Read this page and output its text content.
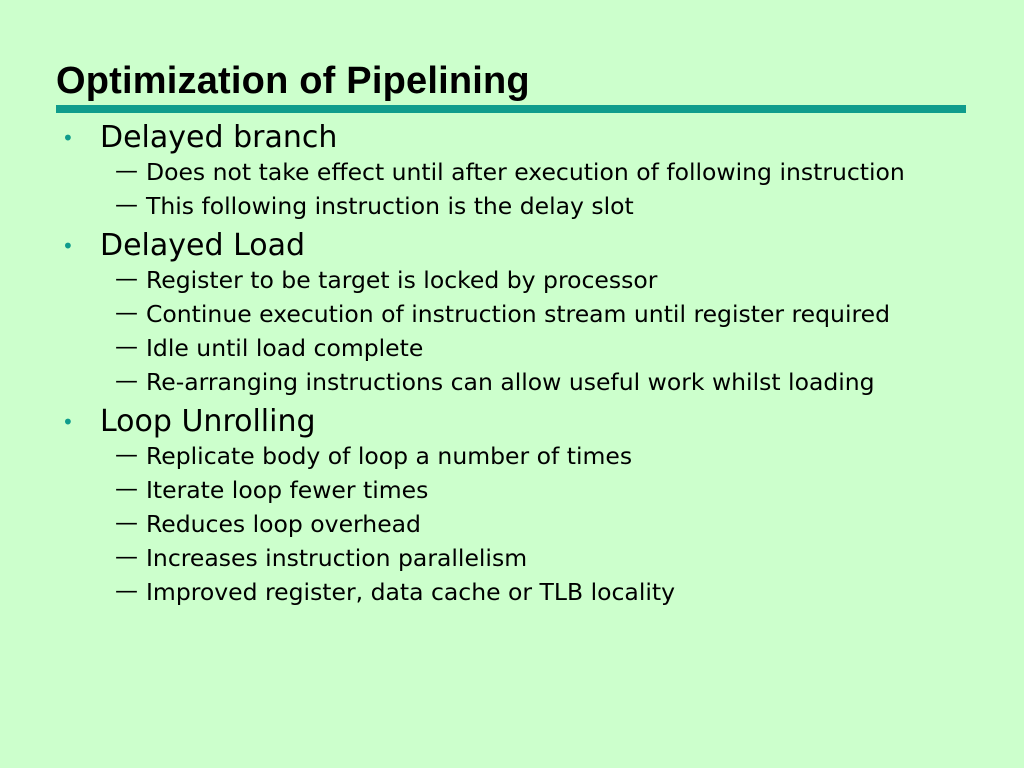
Optimization of Pipelining
• Delayed branch
— Does not take effect until after execution of following instruction
— This following instruction is the delay slot
• Delayed Load
— Register to be target is locked by processor
— Continue execution of instruction stream until register required
— Idle until load complete
— Re-arranging instructions can allow useful work whilst loading
• Loop Unrolling
— Replicate body of loop a number of times
— Iterate loop fewer times
— Reduces loop overhead
— Increases instruction parallelism
— Improved register, data cache or TLB locality
